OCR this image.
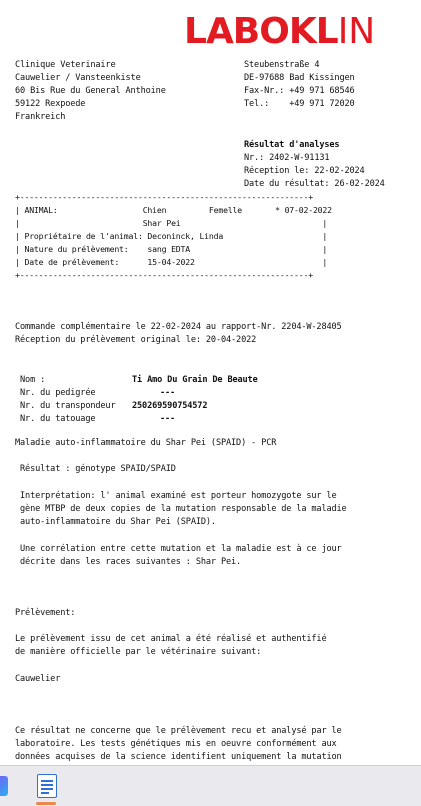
LABOKLIN
Clinique Veterinaire
Cauwelier / Vansteenkiste
60 Bis Rue du General Anthoine
59122 Rexpoede
Frankreich
Steubenstraße 4
DE-97688 Bad Kissingen
Fax-Nr.: +49 971 68546
Tel.:    +49 971 72020
Résultat d'analyses
Nr.: 2402-W-91131
Réception le: 22-02-2024
Date du résultat: 26-02-2024
+-------------------------------------------------------------+
| ANIMAL:                  Chien         Femelle       * 07-02-2022
|                          Shar Pei                              |
| Propriétaire de l'animal: Deconinck, Linda                     |
| Nature du prélèvement:    sang EDTA                            |
| Date de prélèvement:      15-04-2022                           |
+-------------------------------------------------------------+
Commande complémentaire le 22-02-2024 au rapport-Nr. 2204-W-28405
Réception du prélèvement original le: 20-04-2022
Nom :
Nr. du pedigrée
Nr. du transpondeur
Nr. du tatouage
Ti Amo Du Grain De Beaute
---
250269590754572
---
Maladie auto-inflammatoire du Shar Pei (SPAID) - PCR
Résultat : génotype SPAID/SPAID
Interprétation: l' animal examiné est porteur homozygote sur le
gène MTBP de deux copies de la mutation responsable de la maladie
auto-inflammatoire du Shar Pei (SPAID).
Une corrélation entre cette mutation et la maladie est à ce jour
décrite dans les races suivantes : Shar Pei.
Prélèvement:
Le prélèvement issu de cet animal a été réalisé et authentifié
de manière officielle par le vétérinaire suivant:
Cauwelier
Ce résultat ne concerne que le prélèvement recu et analysé par le
laboratoire. Les tests génétiques mis en oeuvre conformément aux
données acquises de la science identifient uniquement la mutation
